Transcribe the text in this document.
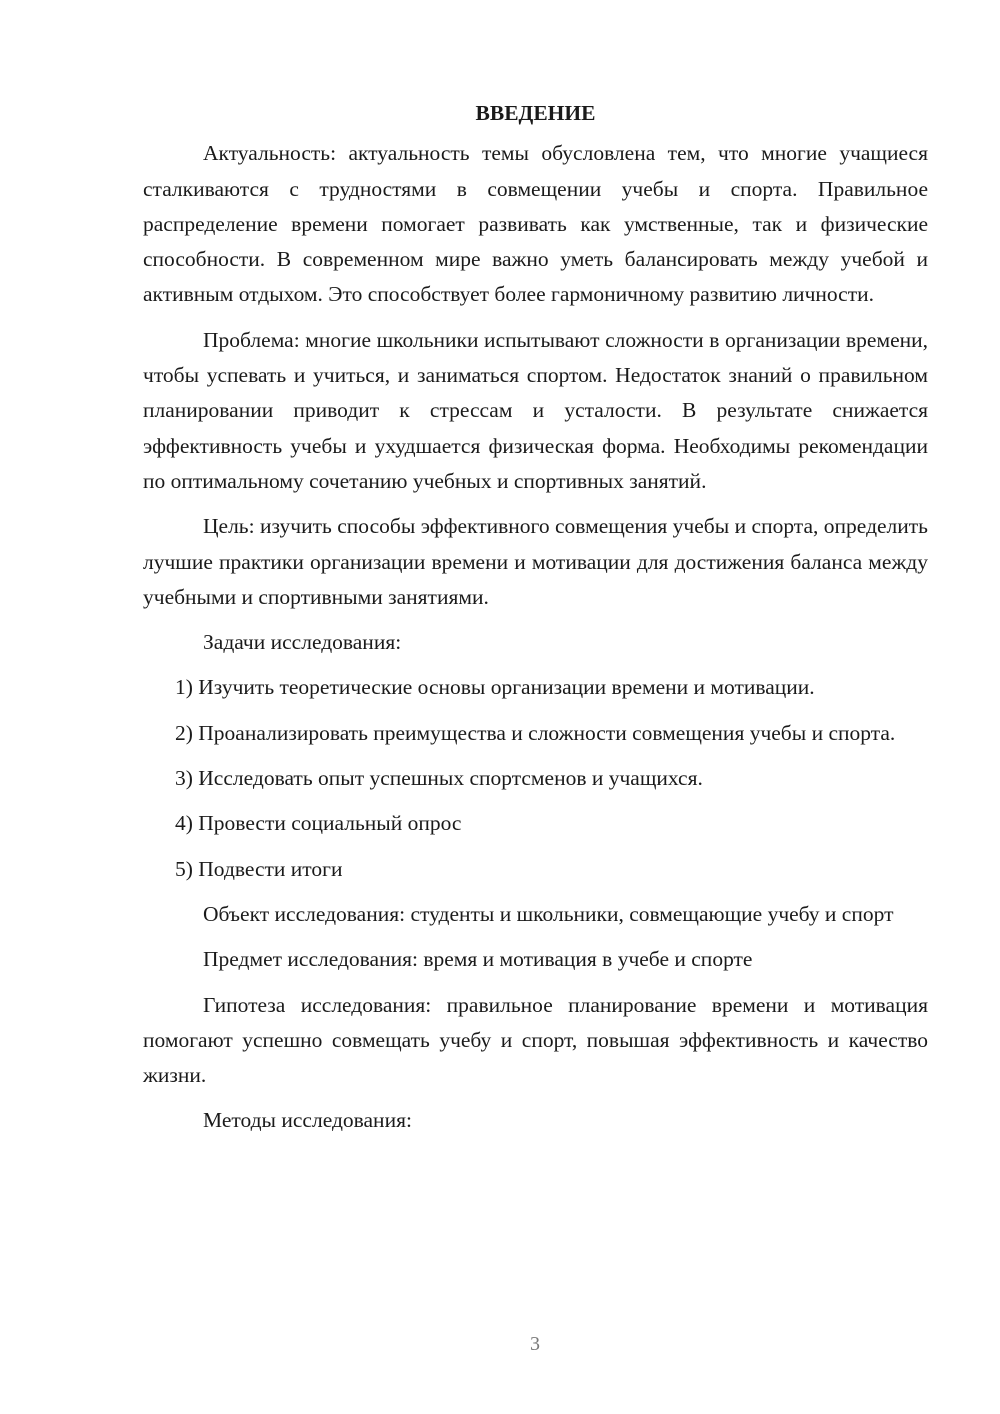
ВВЕДЕНИЕ

Актуальность: актуальность темы обусловлена тем, что многие учащиеся сталкиваются с трудностями в совмещении учебы и спорта. Правильное распределение времени помогает развивать как умственные, так и физические способности. В современном мире важно уметь балансировать между учебой и активным отдыхом. Это способствует более гармоничному развитию личности.

Проблема: многие школьники испытывают сложности в организации времени, чтобы успевать и учиться, и заниматься спортом. Недостаток знаний о правильном планировании приводит к стрессам и усталости. В результате снижается эффективность учебы и ухудшается физическая форма. Необходимы рекомендации по оптимальному сочетанию учебных и спортивных занятий.

Цель: изучить способы эффективного совмещения учебы и спорта, определить лучшие практики организации времени и мотивации для достижения баланса между учебными и спортивными занятиями.

Задачи исследования:

1) Изучить теоретические основы организации времени и мотивации.

2) Проанализировать преимущества и сложности совмещения учебы и спорта.

3) Исследовать опыт успешных спортсменов и учащихся.

4) Провести социальный опрос

5) Подвести итоги

Объект исследования: студенты и школьники, совмещающие учебу и спорт

Предмет исследования: время и мотивация в учебе и спорте

Гипотеза исследования: правильное планирование времени и мотивация помогают успешно совмещать учебу и спорт, повышая эффективность и качество жизни.

Методы исследования:

3
